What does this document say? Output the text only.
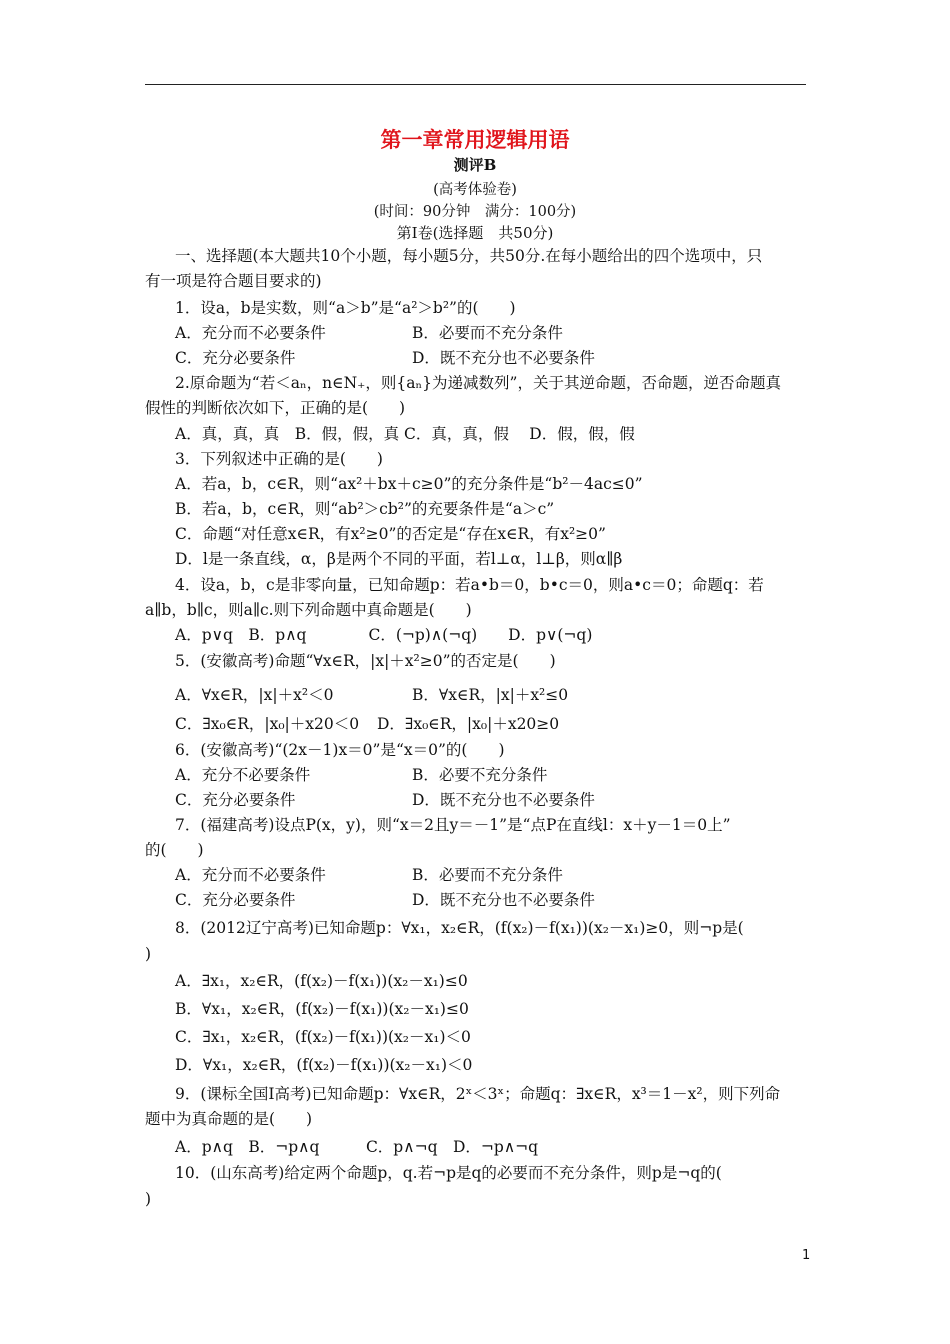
第一章常用逻辑用语
测评B
(高考体验卷)
(时间：90分钟　满分：100分)
第Ⅰ卷(选择题　共50分)
一、选择题(本大题共10个小题，每小题5分，共50分.在每小题给出的四个选项中，只
有一项是符合题目要求的)
1．设a，b是实数，则“a＞b”是“a²＞b²”的(　　)
A．充分而不必要条件	B．必要而不充分条件
C．充分必要条件	D．既不充分也不必要条件
2.原命题为“若＜aₙ，n∈N₊，则{aₙ}为递减数列”，关于其逆命题，否命题，逆否命题真
假性的判断依次如下，正确的是(　　)
A．真，真，真　B．假，假，真 C．真，真，假　 D．假，假，假
3．下列叙述中正确的是(　　)
A．若a，b，c∈R，则“ax²＋bx＋c≥0”的充分条件是“b²－4ac≤0”
B．若a，b，c∈R，则“ab²＞cb²”的充要条件是“a＞c”
C．命题“对任意x∈R，有x²≥0”的否定是“存在x∈R，有x²≥0”
D．l是一条直线，α，β是两个不同的平面，若l⊥α，l⊥β，则α∥β
4．设a，b，c是非零向量，已知命题p：若a•b＝0，b•c＝0，则a•c＝0；命题q：若
a∥b，b∥c，则a∥c.则下列命题中真命题是(　　)
A．p∨q　B．p∧q　　　　C．(¬p)∧(¬q)　　D．p∨(¬q)
5．(安徽高考)命题“∀x∈R，|x|＋x²≥0”的否定是(　　)
A．∀x∈R，|x|＋x²＜0	B．∀x∈R，|x|＋x²≤0
C．∃x₀∈R，|x₀|＋x20＜0 D．∃x₀∈R，|x₀|＋x20≥0
6．(安徽高考)“(2x－1)x＝0”是“x＝0”的(　　)
A．充分不必要条件	B．必要不充分条件
C．充分必要条件	D．既不充分也不必要条件
7．(福建高考)设点P(x，y)，则“x＝2且y＝－1”是“点P在直线l：x＋y－1＝0上”
的(　　)
A．充分而不必要条件	B．必要而不充分条件
C．充分必要条件	D．既不充分也不必要条件
8．(2012辽宁高考)已知命题p：∀x₁，x₂∈R，(f(x₂)－f(x₁))(x₂－x₁)≥0，则¬p是(
)
A．∃x₁，x₂∈R，(f(x₂)－f(x₁))(x₂－x₁)≤0
B．∀x₁，x₂∈R，(f(x₂)－f(x₁))(x₂－x₁)≤0
C．∃x₁，x₂∈R，(f(x₂)－f(x₁))(x₂－x₁)＜0
D．∀x₁，x₂∈R，(f(x₂)－f(x₁))(x₂－x₁)＜0
9．(课标全国Ⅰ高考)已知命题p：∀x∈R，2ˣ＜3ˣ；命题q：∃x∈R，x³＝1－x²，则下列命
题中为真命题的是(　　)
A．p∧q　B．¬p∧q　　　C．p∧¬q　D．¬p∧¬q
10．(山东高考)给定两个命题p，q.若¬p是q的必要而不充分条件，则p是¬q的(
)
1
